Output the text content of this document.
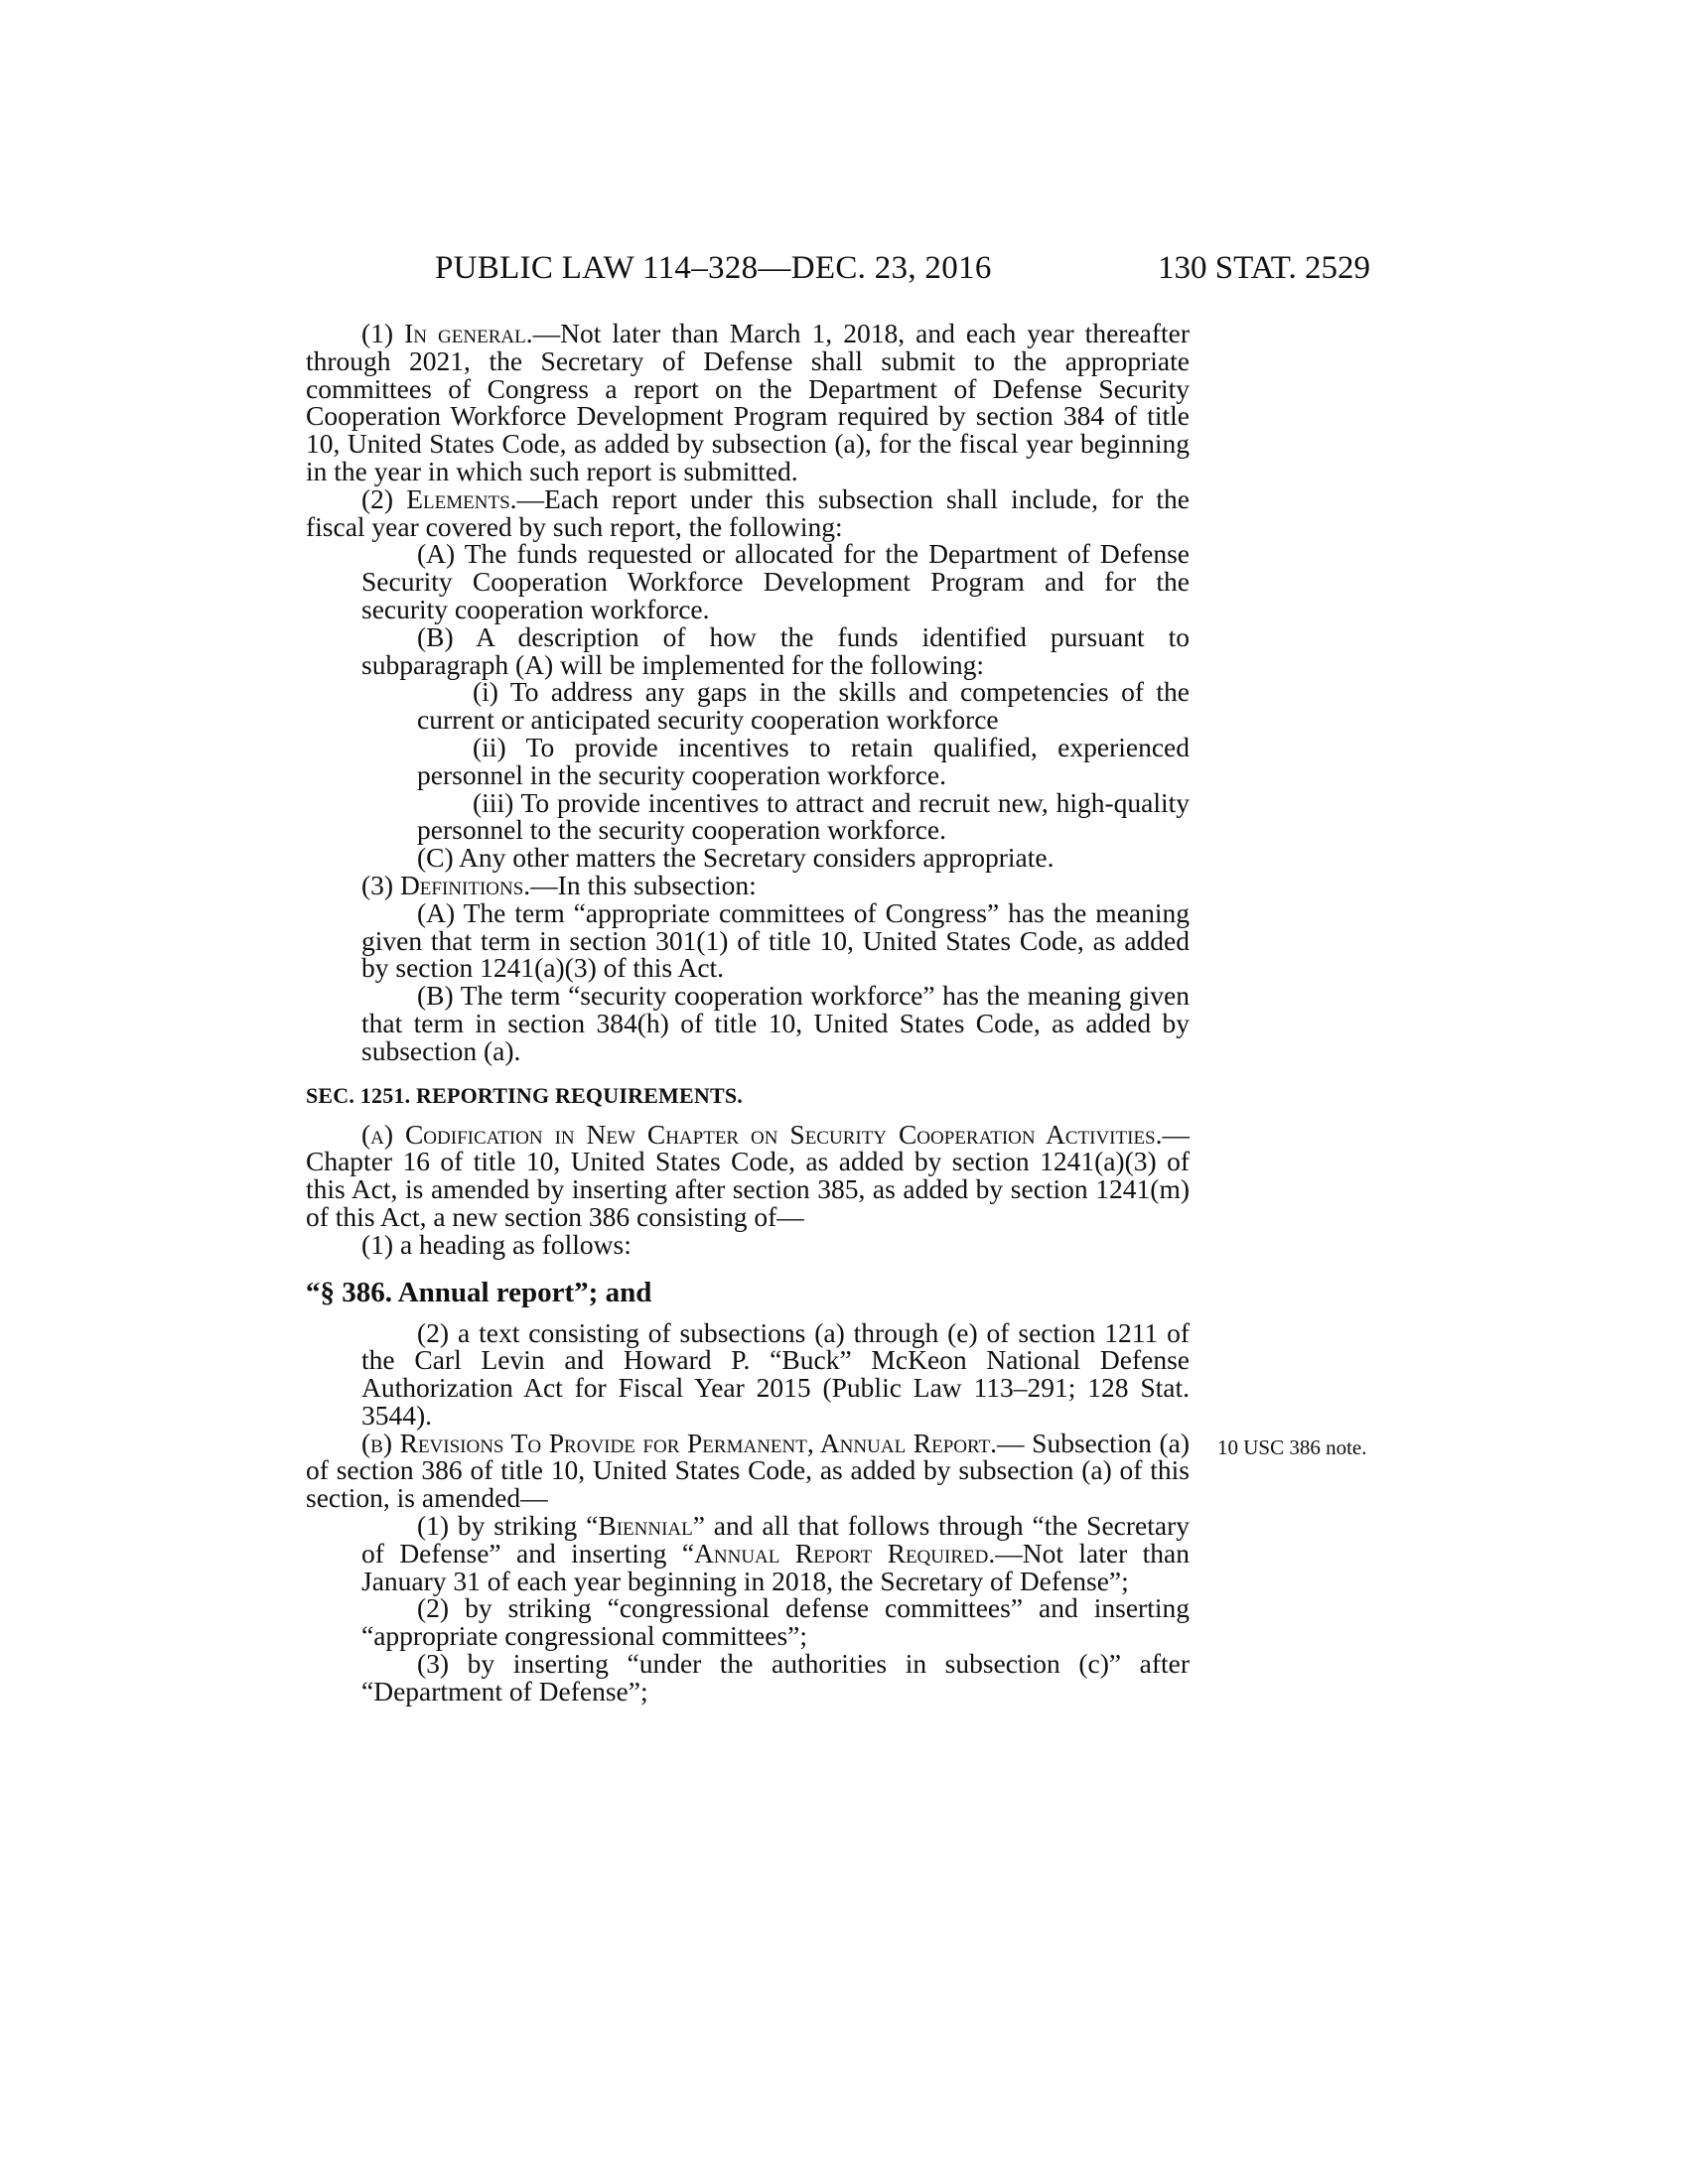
PUBLIC LAW 114–328—DEC. 23, 2016	130 STAT. 2529

(1) In general.—Not later than March 1, 2018, and each year thereafter through 2021, the Secretary of Defense shall submit to the appropriate committees of Congress a report on the Department of Defense Security Cooperation Workforce Development Program required by section 384 of title 10, United States Code, as added by subsection (a), for the fiscal year beginning in the year in which such report is submitted.

(2) Elements.—Each report under this subsection shall include, for the fiscal year covered by such report, the following:

(A) The funds requested or allocated for the Department of Defense Security Cooperation Workforce Development Program and for the security cooperation workforce.

(B) A description of how the funds identified pursuant to subparagraph (A) will be implemented for the following:

(i) To address any gaps in the skills and competencies of the current or anticipated security cooperation workforce

(ii) To provide incentives to retain qualified, experienced personnel in the security cooperation workforce.

(iii) To provide incentives to attract and recruit new, high-quality personnel to the security cooperation workforce.

(C) Any other matters the Secretary considers appropriate.

(3) Definitions.—In this subsection:

(A) The term “appropriate committees of Congress” has the meaning given that term in section 301(1) of title 10, United States Code, as added by section 1241(a)(3) of this Act.

(B) The term “security cooperation workforce” has the meaning given that term in section 384(h) of title 10, United States Code, as added by subsection (a).

SEC. 1251. REPORTING REQUIREMENTS.

(a) Codification in New Chapter on Security Cooperation Activities.—Chapter 16 of title 10, United States Code, as added by section 1241(a)(3) of this Act, is amended by inserting after section 385, as added by section 1241(m) of this Act, a new section 386 consisting of—

(1) a heading as follows:

“§ 386. Annual report”; and

(2) a text consisting of subsections (a) through (e) of section 1211 of the Carl Levin and Howard P. “Buck” McKeon National Defense Authorization Act for Fiscal Year 2015 (Public Law 113–291; 128 Stat. 3544).

(b) Revisions To Provide for Permanent, Annual Report.— Subsection (a) of section 386 of title 10, United States Code, as added by subsection (a) of this section, is amended—

(1) by striking “Biennial” and all that follows through “the Secretary of Defense” and inserting “Annual Report Required.—Not later than January 31 of each year beginning in 2018, the Secretary of Defense”;

(2) by striking “congressional defense committees” and inserting “appropriate congressional committees”;

(3) by inserting “under the authorities in subsection (c)” after “Department of Defense”;

10 USC 386 note.
